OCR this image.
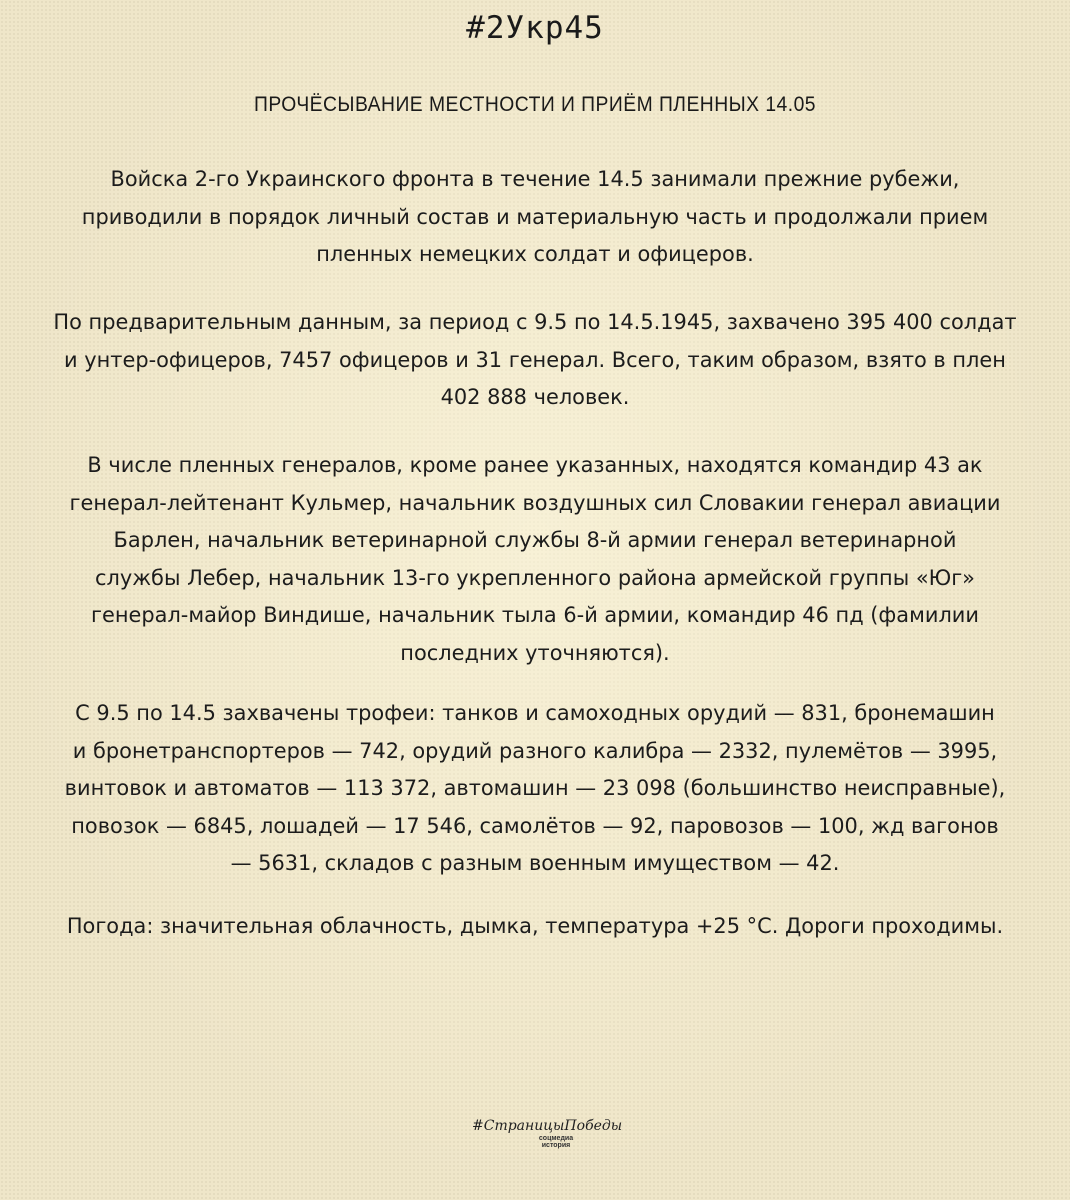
#2Укр45
ПРОЧЁСЫВАНИЕ МЕСТНОСТИ И ПРИЁМ ПЛЕННЫХ 14.05
Войска 2-го Украинского фронта в течение 14.5 занимали прежние рубежи,
приводили в порядок личный состав и материальную часть и продолжали прием
пленных немецких солдат и офицеров.
По предварительным данным, за период с 9.5 по 14.5.1945, захвачено 395 400 солдат
и унтер-офицеров, 7457 офицеров и 31 генерал. Всего, таким образом, взято в плен
402 888 человек.
В числе пленных генералов, кроме ранее указанных, находятся командир 43 ак
генерал-лейтенант Кульмер, начальник воздушных сил Словакии генерал авиации
Барлен, начальник ветеринарной службы 8-й армии генерал ветеринарной
службы Лебер, начальник 13-го укрепленного района армейской группы «Юг»
генерал-майор Виндише, начальник тыла 6-й армии, командир 46 пд (фамилии
последних уточняются).
С 9.5 по 14.5 захвачены трофеи: танков и самоходных орудий — 831, бронемашин
и бронетранспортеров — 742, орудий разного калибра — 2332, пулемётов — 3995,
винтовок и автоматов — 113 372, автомашин — 23 098 (большинство неисправные),
повозок — 6845, лошадей — 17 546, самолётов — 92, паровозов — 100, жд вагонов
— 5631, складов с разным военным имуществом — 42.
Погода: значительная облачность, дымка, температура +25 °С. Дороги проходимы.
#СтраницыПобеды
соцмедиа
история
